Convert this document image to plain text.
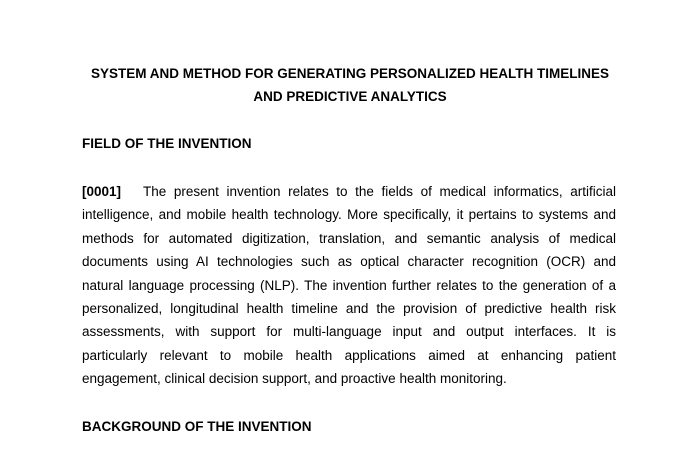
SYSTEM AND METHOD FOR GENERATING PERSONALIZED HEALTH TIMELINES
AND PREDICTIVE ANALYTICS
FIELD OF THE INVENTION

[0001] The present invention relates to the fields of medical informatics, artificial
intelligence, and mobile health technology. More specifically, it pertains to systems and
methods for automated digitization, translation, and semantic analysis of medical
documents using AI technologies such as optical character recognition (OCR) and
natural language processing (NLP). The invention further relates to the generation of a
personalized, longitudinal health timeline and the provision of predictive health risk
assessments, with support for multi-language input and output interfaces. It is
particularly relevant to mobile health applications aimed at enhancing patient
engagement, clinical decision support, and proactive health monitoring.

BACKGROUND OF THE INVENTION
